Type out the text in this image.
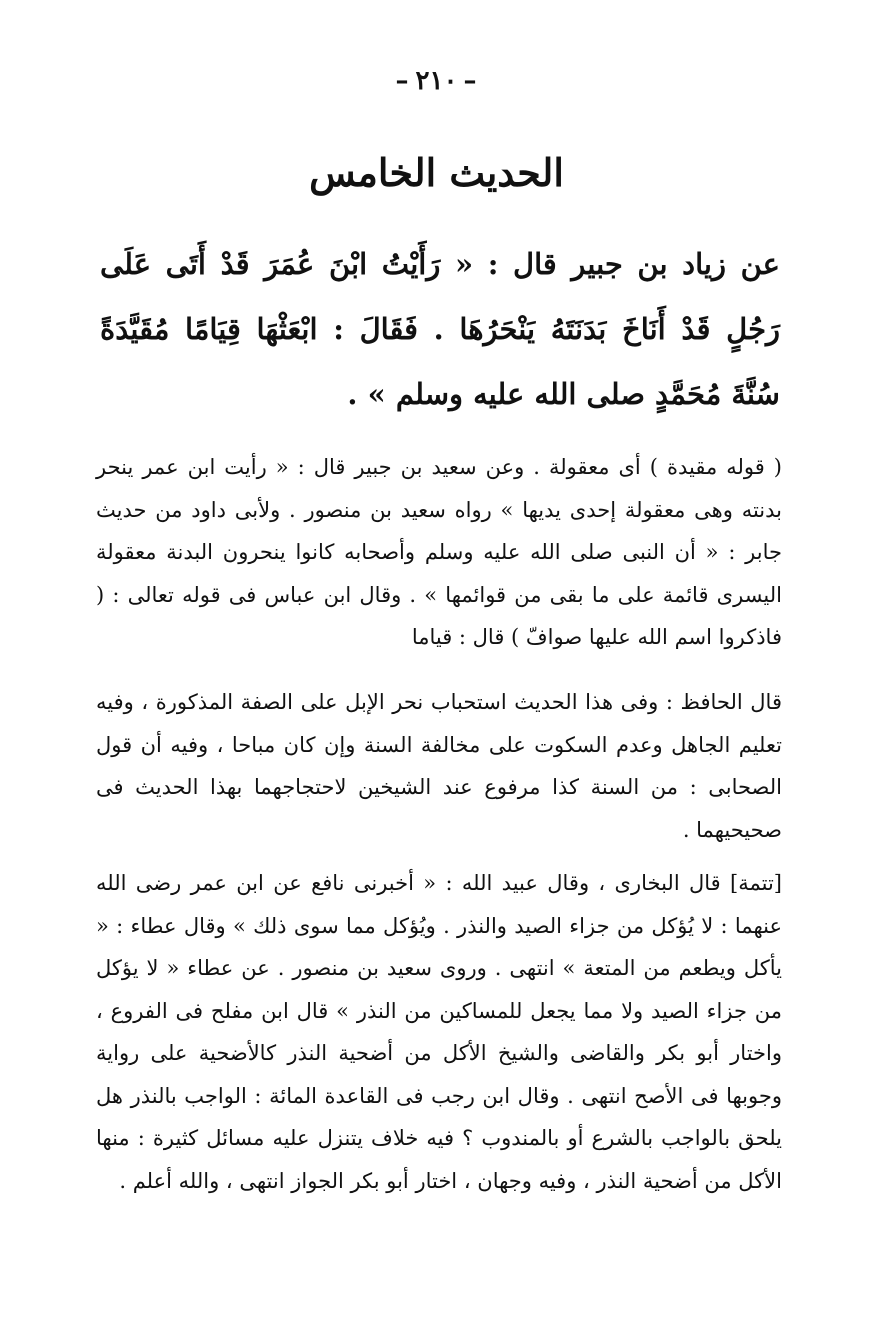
–٢١٠–
الحديث الخامس

عن زياد بن جبير قال : « رَأَيْتُ ابْنَ عُمَرَ قَدْ أَتَى عَلَى رَجُلٍ قَدْ أَنَاخَ بَدَنَتَهُ يَنْحَرُهَا . فَقَالَ : ابْعَثْهَا قِيَامًا مُقَيَّدَةً سُنَّةَ مُحَمَّدٍ صلى الله عليه وسلم » .

( قوله مقيدة ) أى معقولة . وعن سعيد بن جبير قال : « رأيت ابن عمر ينحر بدنته وهى معقولة إحدى يديها » رواه سعيد بن منصور . ولأبى داود من حديث جابر : « أن النبى صلى الله عليه وسلم وأصحابه كانوا ينحرون البدنة معقولة اليسرى قائمة على ما بقى من قوائمها » . وقال ابن عباس فى قوله تعالى : ( فاذكروا اسم الله عليها صوافّ ) قال : قياما

قال الحافظ : وفى هذا الحديث استحباب نحر الإبل على الصفة المذكورة ، وفيه تعليم الجاهل وعدم السكوت على مخالفة السنة وإن كان مباحا ، وفيه أن قول الصحابى : من السنة كذا مرفوع عند الشيخين لاحتجاجهما بهذا الحديث فى صحيحيهما .

[تتمة] قال البخارى ، وقال عبيد الله : « أخبرنى نافع عن ابن عمر رضى الله عنهما : لا يُؤكل من جزاء الصيد والنذر . ويُؤكل مما سوى ذلك » وقال عطاء : « يأكل ويطعم من المتعة » انتهى . وروى سعيد بن منصور . عن عطاء « لا يؤكل من جزاء الصيد ولا مما يجعل للمساكين من النذر » قال ابن مفلح فى الفروع ، واختار أبو بكر والقاضى والشيخ الأكل من أضحية النذر كالأضحية على رواية وجوبها فى الأصح انتهى . وقال ابن رجب فى القاعدة المائة : الواجب بالنذر هل يلحق بالواجب بالشرع أو بالمندوب ؟ فيه خلاف يتنزل عليه مسائل كثيرة : منها الأكل من أضحية النذر ، وفيه وجهان ، اختار أبو بكر الجواز انتهى ، والله أعلم .
